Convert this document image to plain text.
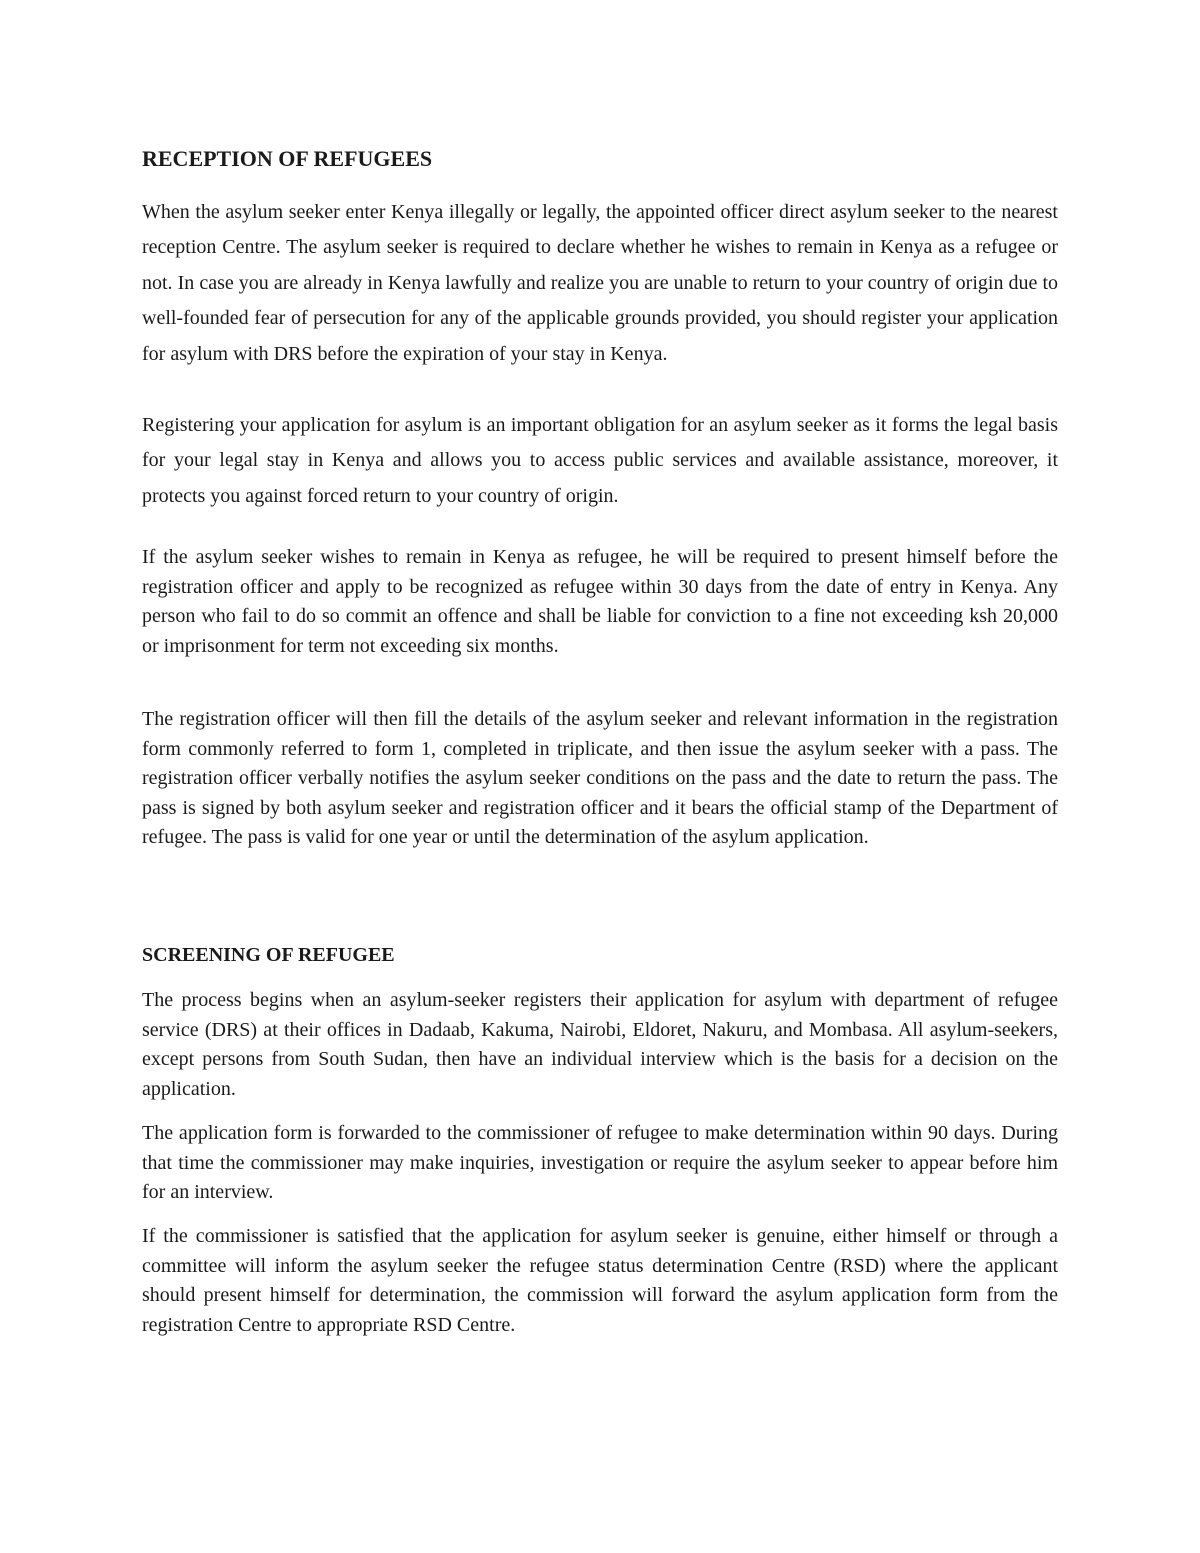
RECEPTION OF REFUGEES

When the asylum seeker enter Kenya illegally or legally, the appointed officer direct asylum seeker to the nearest reception Centre. The asylum seeker is required to declare whether he wishes to remain in Kenya as a refugee or not. In case you are already in Kenya lawfully and realize you are unable to return to your country of origin due to well-founded fear of persecution for any of the applicable grounds provided, you should register your application for asylum with DRS before the expiration of your stay in Kenya.

Registering your application for asylum is an important obligation for an asylum seeker as it forms the legal basis for your legal stay in Kenya and allows you to access public services and available assistance, moreover, it protects you against forced return to your country of origin.

If the asylum seeker wishes to remain in Kenya as refugee, he will be required to present himself before the registration officer and apply to be recognized as refugee within 30 days from the date of entry in Kenya. Any person who fail to do so commit an offence and shall be liable for conviction to a fine not exceeding ksh 20,000 or imprisonment for term not exceeding six months.

The registration officer will then fill the details of the asylum seeker and relevant information in the registration form commonly referred to form 1, completed in triplicate, and then issue the asylum seeker with a pass. The registration officer verbally notifies the asylum seeker conditions on the pass and the date to return the pass. The pass is signed by both asylum seeker and registration officer and it bears the official stamp of the Department of refugee. The pass is valid for one year or until the determination of the asylum application.

SCREENING OF REFUGEE

The process begins when an asylum-seeker registers their application for asylum with department of refugee service (DRS) at their offices in Dadaab, Kakuma, Nairobi, Eldoret, Nakuru, and Mombasa. All asylum-seekers, except persons from South Sudan, then have an individual interview which is the basis for a decision on the application.

The application form is forwarded to the commissioner of refugee to make determination within 90 days. During that time the commissioner may make inquiries, investigation or require the asylum seeker to appear before him for an interview.

If the commissioner is satisfied that the application for asylum seeker is genuine, either himself or through a committee will inform the asylum seeker the refugee status determination Centre (RSD) where the applicant should present himself for determination, the commission will forward the asylum application form from the registration Centre to appropriate RSD Centre.
